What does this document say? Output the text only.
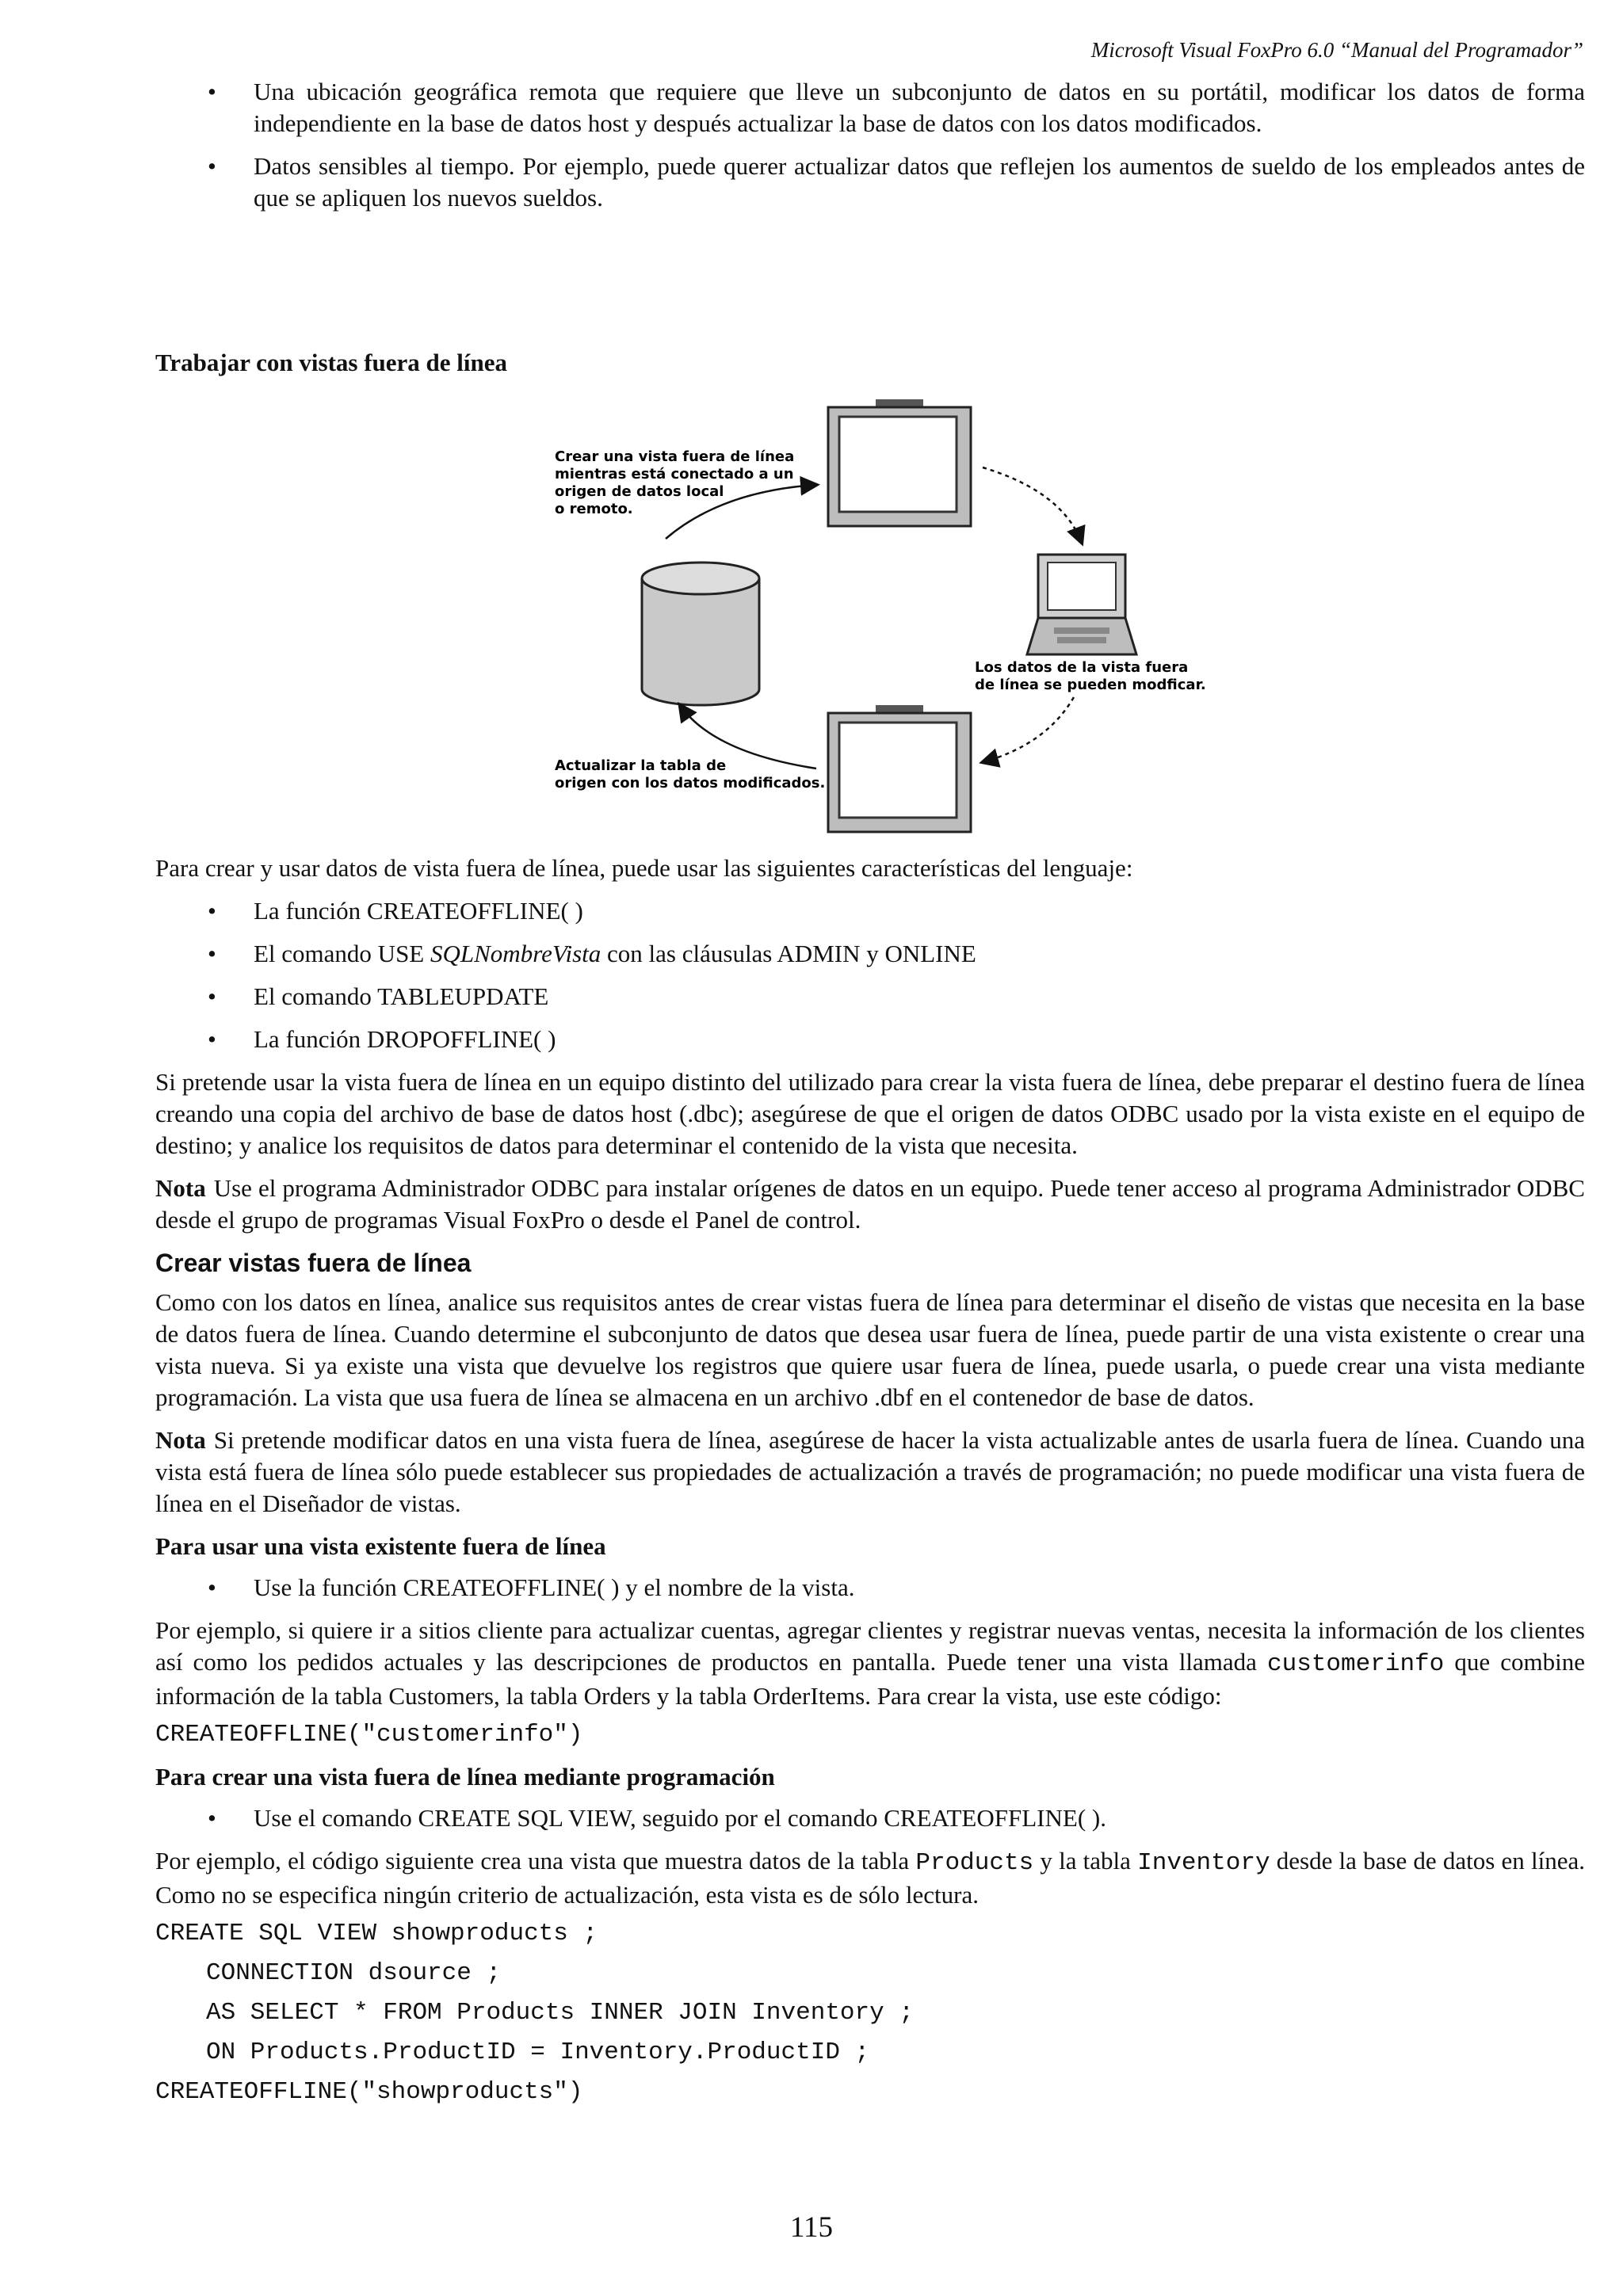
Microsoft Visual FoxPro 6.0 “Manual del Programador”
• Una ubicación geográfica remota que requiere que lleve un subconjunto de datos en su portátil, modificar los datos de forma independiente en la base de datos host y después actualizar la base de datos con los datos modificados.
• Datos sensibles al tiempo. Por ejemplo, puede querer actualizar datos que reflejen los aumentos de sueldo de los empleados antes de que se apliquen los nuevos sueldos.
Trabajar con vistas fuera de línea
Crear una vista fuera de línea mientras está conectado a un origen de datos local o remoto.
Los datos de la vista fuera de línea se pueden modficar.
Actualizar la tabla de origen con los datos modificados.

Para crear y usar datos de vista fuera de línea, puede usar las siguientes características del lenguaje:

• La función CREATEOFFLINE( )
• El comando USE SQLNombreVista con las cláusulas ADMIN y ONLINE
• El comando TABLEUPDATE
• La función DROPOFFLINE( )

Si pretende usar la vista fuera de línea en un equipo distinto del utilizado para crear la vista fuera de línea, debe preparar el destino fuera de línea creando una copia del archivo de base de datos host (.dbc); asegúrese de que el origen de datos ODBC usado por la vista existe en el equipo de destino; y analice los requisitos de datos para determinar el contenido de la vista que necesita.

Nota Use el programa Administrador ODBC para instalar orígenes de datos en un equipo. Puede tener acceso al programa Administrador ODBC desde el grupo de programas Visual FoxPro o desde el Panel de control.

Crear vistas fuera de línea

Como con los datos en línea, analice sus requisitos antes de crear vistas fuera de línea para determinar el diseño de vistas que necesita en la base de datos fuera de línea. Cuando determine el subconjunto de datos que desea usar fuera de línea, puede partir de una vista existente o crear una vista nueva. Si ya existe una vista que devuelve los registros que quiere usar fuera de línea, puede usarla, o puede crear una vista mediante programación. La vista que usa fuera de línea se almacena en un archivo .dbf en el contenedor de base de datos.

Nota Si pretende modificar datos en una vista fuera de línea, asegúrese de hacer la vista actualizable antes de usarla fuera de línea. Cuando una vista está fuera de línea sólo puede establecer sus propiedades de actualización a través de programación; no puede modificar una vista fuera de línea en el Diseñador de vistas.

Para usar una vista existente fuera de línea
• Use la función CREATEOFFLINE( ) y el nombre de la vista.

Por ejemplo, si quiere ir a sitios cliente para actualizar cuentas, agregar clientes y registrar nuevas ventas, necesita la información de los clientes así como los pedidos actuales y las descripciones de productos en pantalla. Puede tener una vista llamada customerinfo que combine información de la tabla Customers, la tabla Orders y la tabla OrderItems. Para crear la vista, use este código:

CREATEOFFLINE("customerinfo")
Para crear una vista fuera de línea mediante programación
• Use el comando CREATE SQL VIEW, seguido por el comando CREATEOFFLINE( ).

Por ejemplo, el código siguiente crea una vista que muestra datos de la tabla Products y la tabla Inventory desde la base de datos en línea. Como no se especifica ningún criterio de actualización, esta vista es de sólo lectura.

CREATE SQL VIEW showproducts ;
CONNECTION dsource ;
AS SELECT * FROM Products INNER JOIN Inventory ;
ON Products.ProductID = Inventory.ProductID ;
CREATEOFFLINE("showproducts")
115
